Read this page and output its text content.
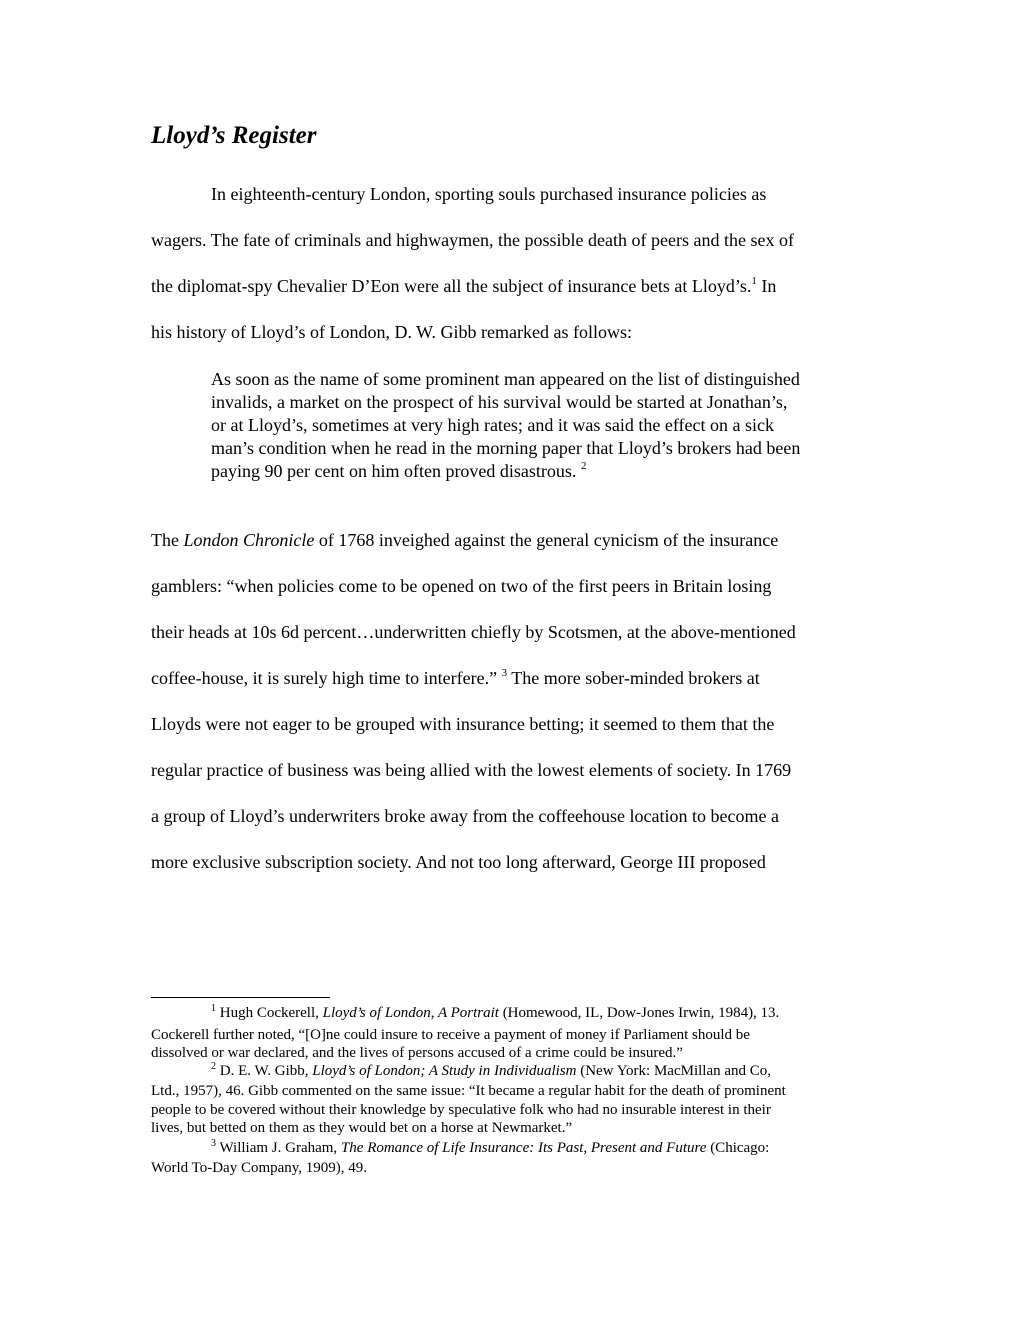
Lloyd’s Register
In eighteenth-century London, sporting souls purchased insurance policies as
wagers. The fate of criminals and highwaymen, the possible death of peers and the sex of
the diplomat-spy Chevalier D’Eon were all the subject of insurance bets at Lloyd’s.$^1$ In
his history of Lloyd’s of London, D. W. Gibb remarked as follows:
As soon as the name of some prominent man appeared on the list of distinguished
invalids, a market on the prospect of his survival would be started at Jonathan’s,
or at Lloyd’s, sometimes at very high rates; and it was said the effect on a sick
man’s condition when he read in the morning paper that Lloyd’s brokers had been
paying 90 per cent on him often proved disastrous. $^2$
The London Chronicle of 1768 inveighed against the general cynicism of the insurance
gamblers: “when policies come to be opened on two of the first peers in Britain losing
their heads at 10s 6d percent…underwritten chiefly by Scotsmen, at the above-mentioned
coffee-house, it is surely high time to interfere.” $^3$ The more sober-minded brokers at
Lloyds were not eager to be grouped with insurance betting; it seemed to them that the
regular practice of business was being allied with the lowest elements of society. In 1769
a group of Lloyd’s underwriters broke away from the coffeehouse location to become a
more exclusive subscription society. And not too long afterward, George III proposed
$^1$ Hugh Cockerell, Lloyd’s of London, A Portrait (Homewood, IL, Dow-Jones Irwin, 1984), 13.
Cockerell further noted, “[O]ne could insure to receive a payment of money if Parliament should be
dissolved or war declared, and the lives of persons accused of a crime could be insured.”
$^2$ D. E. W. Gibb, Lloyd’s of London; A Study in Individualism (New York: MacMillan and Co,
Ltd., 1957), 46. Gibb commented on the same issue: “It became a regular habit for the death of prominent
people to be covered without their knowledge by speculative folk who had no insurable interest in their
lives, but betted on them as they would bet on a horse at Newmarket.”
$^3$ William J. Graham, The Romance of Life Insurance: Its Past, Present and Future (Chicago:
World To-Day Company, 1909), 49.
